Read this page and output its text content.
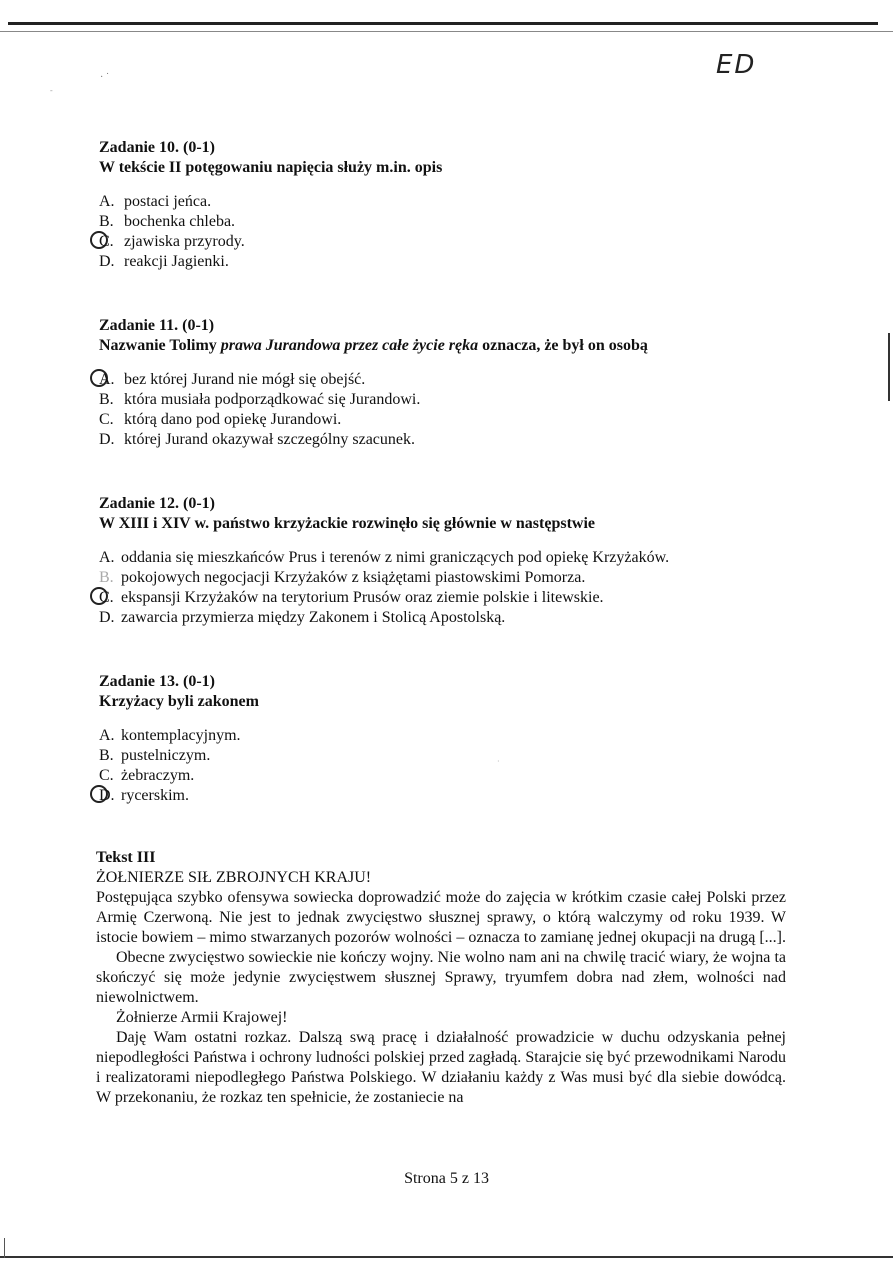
· ˙
-
·
ED
Zadanie 10. (0-1)
W tekście II potęgowaniu napięcia służy m.in. opis
A. postaci jeńca.
B. bochenka chleba.
C. zjawiska przyrody.
D. reakcji Jagienki.
Zadanie 11. (0-1)
Nazwanie Tolimy prawa Jurandowa przez całe życie ręka oznacza, że był on osobą
A. bez której Jurand nie mógł się obejść.
B. która musiała podporządkować się Jurandowi.
C. którą dano pod opiekę Jurandowi.
D. której Jurand okazywał szczególny szacunek.
Zadanie 12. (0-1)
W XIII i XIV w. państwo krzyżackie rozwinęło się głównie w następstwie
A. oddania się mieszkańców Prus i terenów z nimi graniczących pod opiekę Krzyżaków.
B. pokojowych negocjacji Krzyżaków z książętami piastowskimi Pomorza.
C. ekspansji Krzyżaków na terytorium Prusów oraz ziemie polskie i litewskie.
D. zawarcia przymierza między Zakonem i Stolicą Apostolską.
Zadanie 13. (0-1)
Krzyżacy byli zakonem
A. kontemplacyjnym.
B. pustelniczym.
C. żebraczym.
D. rycerskim.
Tekst III
ŻOŁNIERZE SIŁ ZBROJNYCH KRAJU!

Postępująca szybko ofensywa sowiecka doprowadzić może do zajęcia w krótkim czasie całej Polski przez Armię Czerwoną. Nie jest to jednak zwycięstwo słusznej sprawy, o którą walczymy od roku 1939. W istocie bowiem – mimo stwarzanych pozorów wolności – oznacza to zamianę jednej okupacji na drugą [...].

Obecne zwycięstwo sowieckie nie kończy wojny. Nie wolno nam ani na chwilę tracić wiary, że wojna ta skończyć się może jedynie zwycięstwem słusznej Sprawy, tryumfem dobra nad złem, wolności nad niewolnictwem.

Żołnierze Armii Krajowej!

Daję Wam ostatni rozkaz. Dalszą swą pracę i działalność prowadzicie w duchu odzyskania pełnej niepodległości Państwa i ochrony ludności polskiej przed zagładą. Starajcie się być przewodnikami Narodu i realizatorami niepodległego Państwa Polskiego. W działaniu każdy z Was musi być dla siebie dowódcą. W przekonaniu, że rozkaz ten spełnicie, że zostaniecie na

Strona 5 z 13
